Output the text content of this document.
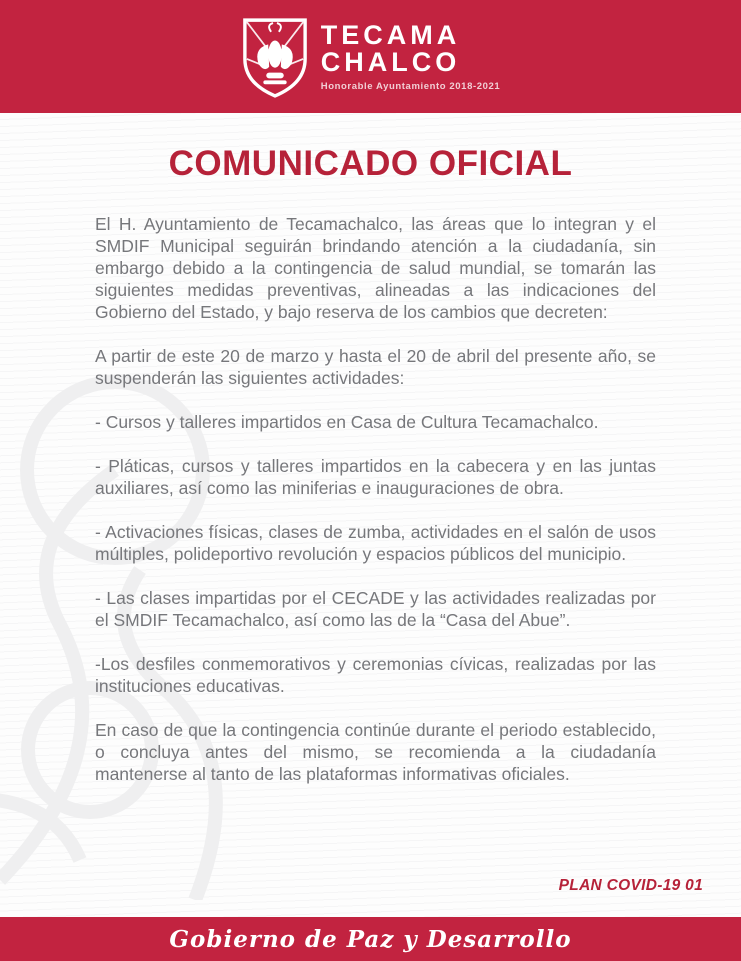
TECAMA
CHALCO
Honorable Ayuntamiento 2018-2021
COMUNICADO OFICIAL

El H. Ayuntamiento de Tecamachalco, las áreas que lo integran y el SMDIF Municipal seguirán brindando atención a la ciudadanía, sin embargo debido a la contingencia de salud mundial, se tomarán las siguientes medidas preventivas, alineadas a las indicaciones del Gobierno del Estado, y bajo reserva de los cambios que decreten:

A partir de este 20 de marzo y hasta el 20 de abril del presente año, se suspenderán las siguientes actividades:

- Cursos y talleres impartidos en Casa de Cultura Tecamachalco.

- Pláticas, cursos y talleres impartidos en la cabecera y en las juntas auxiliares, así como las miniferias e inauguraciones de obra.

- Activaciones físicas, clases de zumba, actividades en el salón de usos múltiples, polideportivo revolución y espacios públicos del municipio.

- Las clases impartidas por el CECADE y las actividades realizadas por el SMDIF Tecamachalco, así como las de la “Casa del Abue”.

-Los desfiles conmemorativos y ceremonias cívicas, realizadas por las instituciones educativas.

En caso de que la contingencia continúe durante el periodo establecido, o concluya antes del mismo, se recomienda a la ciudadanía mantenerse al tanto de las plataformas informativas oficiales.

PLAN COVID-19 01
Gobierno de Paz y Desarrollo
